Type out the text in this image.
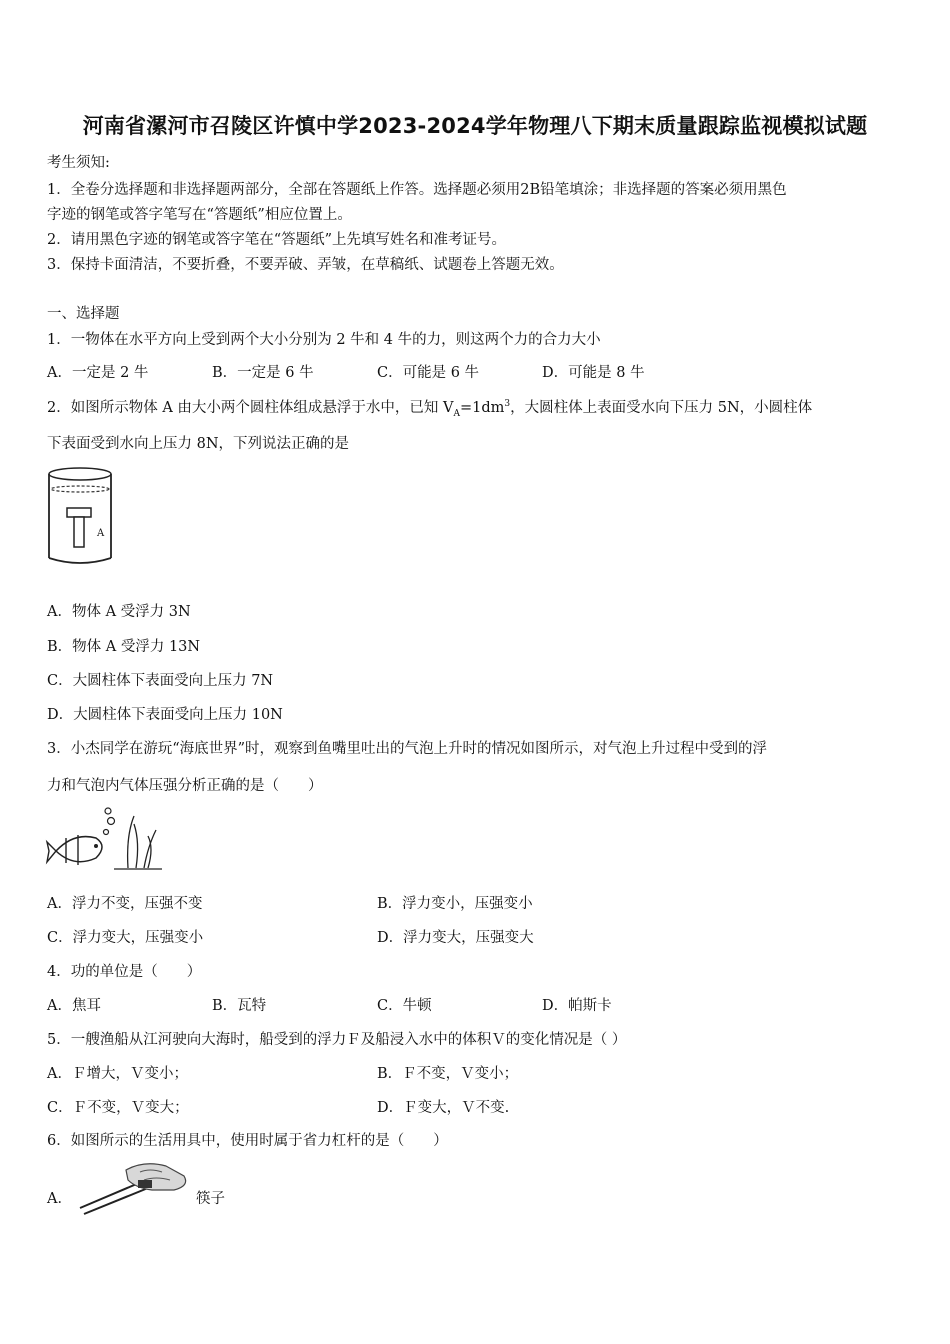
河南省漯河市召陵区许慎中学2023-2024学年物理八下期末质量跟踪监视模拟试题
考生须知:
1．全卷分选择题和非选择题两部分，全部在答题纸上作答。选择题必须用2B铅笔填涂；非选择题的答案必须用黑色
字迹的钢笔或答字笔写在“答题纸”相应位置上。
2．请用黑色字迹的钢笔或答字笔在“答题纸”上先填写姓名和准考证号。
3．保持卡面清洁，不要折叠，不要弄破、弄皱，在草稿纸、试题卷上答题无效。
一、选择题
1．一物体在水平方向上受到两个大小分别为 2 牛和 4 牛的力，则这两个力的合力大小
A．一定是 2 牛	B．一定是 6 牛	C．可能是 6 牛	D．可能是 8 牛
2．如图所示物体 A 由大小两个圆柱体组成悬浮于水中，已知 $V_A=1dm^3$，大圆柱体上表面受水向下压力 5N，小圆柱体
下表面受到水向上压力 8N，下列说法正确的是
A
A．物体 A 受浮力 3N
B．物体 A 受浮力 13N
C．大圆柱体下表面受向上压力 7N
D．大圆柱体下表面受向上压力 10N
3．小杰同学在游玩“海底世界”时，观察到鱼嘴里吐出的气泡上升时的情况如图所示，对气泡上升过程中受到的浮
力和气泡内气体压强分析正确的是（　　）
A．浮力不变，压强不变	B．浮力变小，压强变小
C．浮力变大，压强变小	D．浮力变大，压强变大
4．功的单位是（　　）
A．焦耳	B．瓦特	C．牛顿	D．帕斯卡
5．一艘渔船从江河驶向大海时，船受到的浮力Ｆ及船浸入水中的体积Ｖ的变化情况是（ ）
A．Ｆ增大，Ｖ变小；	B．Ｆ不变，Ｖ变小；
C．Ｆ不变，Ｖ变大；	D．Ｆ变大，Ｖ不变.
6．如图所示的生活用具中，使用时属于省力杠杆的是（　　）
A．	筷子
